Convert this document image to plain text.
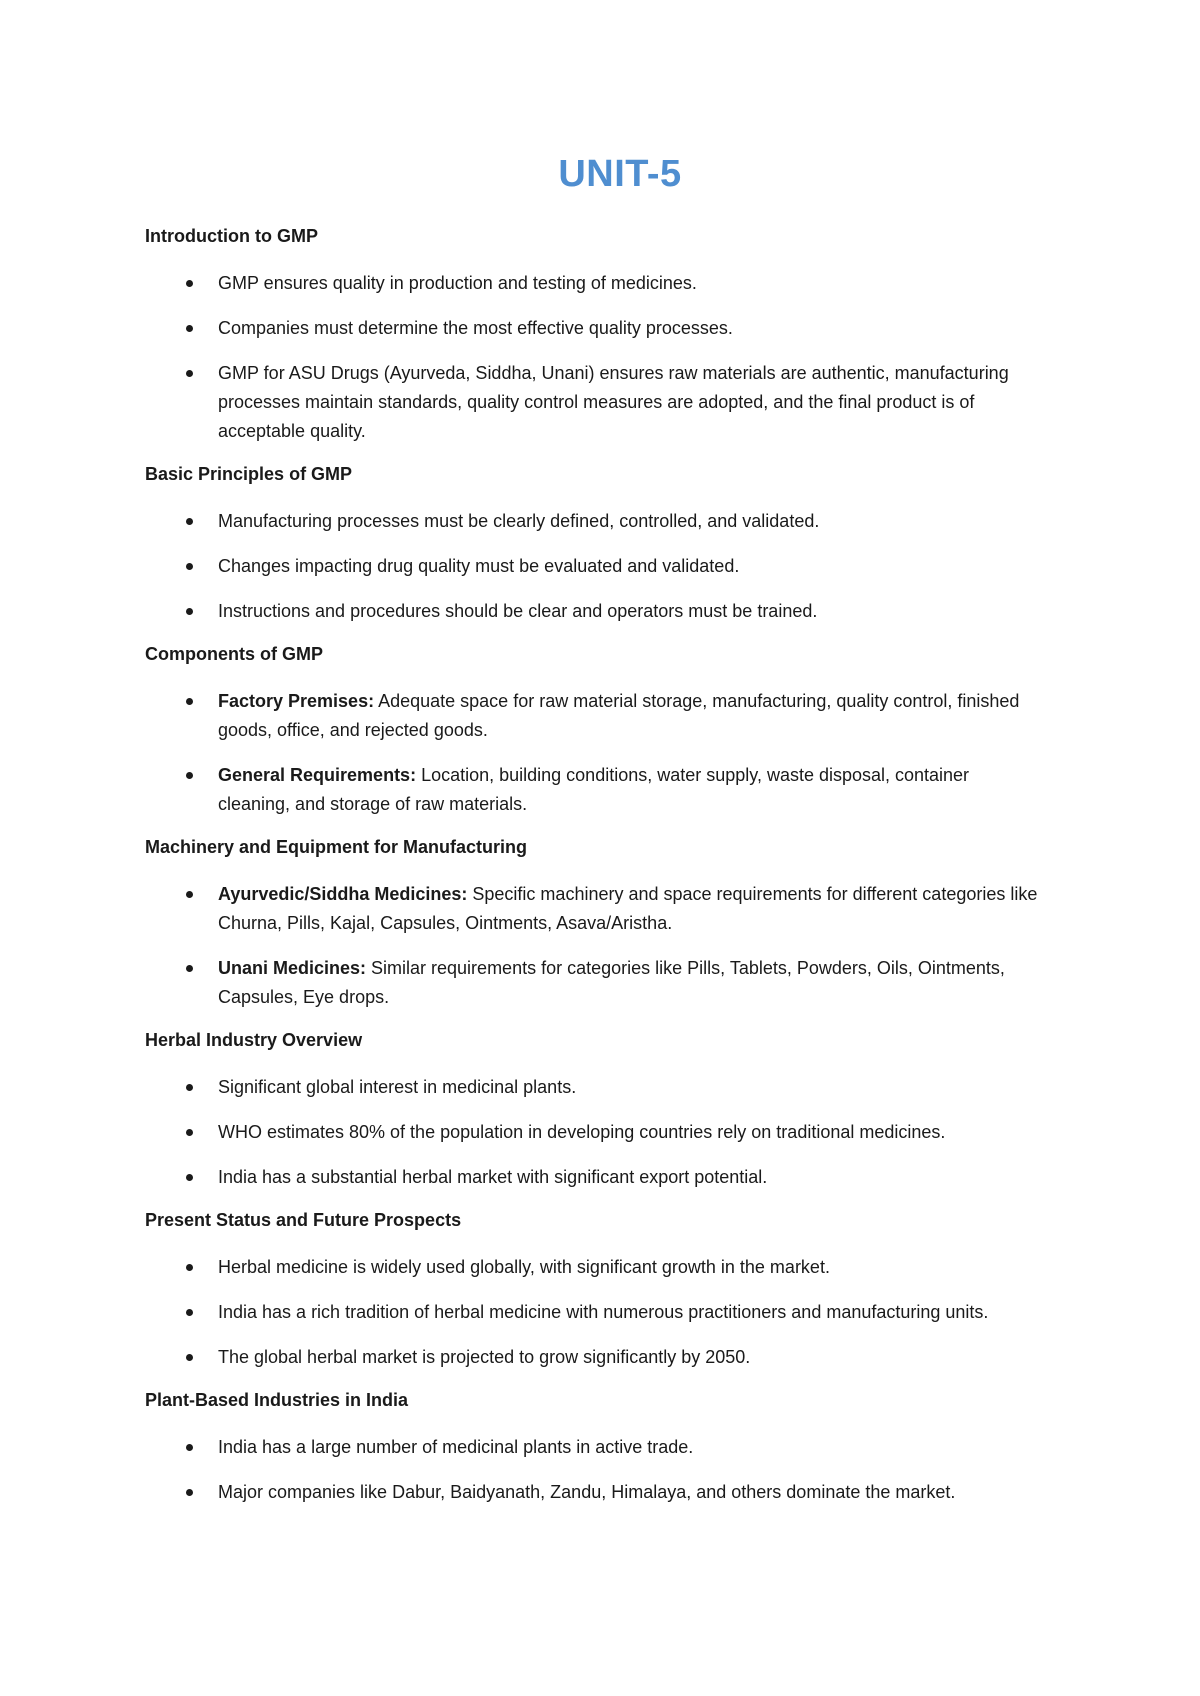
UNIT-5
Introduction to GMP
GMP ensures quality in production and testing of medicines.
Companies must determine the most effective quality processes.
GMP for ASU Drugs (Ayurveda, Siddha, Unani) ensures raw materials are authentic, manufacturing processes maintain standards, quality control measures are adopted, and the final product is of acceptable quality.
Basic Principles of GMP
Manufacturing processes must be clearly defined, controlled, and validated.
Changes impacting drug quality must be evaluated and validated.
Instructions and procedures should be clear and operators must be trained.
Components of GMP
Factory Premises: Adequate space for raw material storage, manufacturing, quality control, finished goods, office, and rejected goods.
General Requirements: Location, building conditions, water supply, waste disposal, container cleaning, and storage of raw materials.
Machinery and Equipment for Manufacturing
Ayurvedic/Siddha Medicines: Specific machinery and space requirements for different categories like Churna, Pills, Kajal, Capsules, Ointments, Asava/Aristha.
Unani Medicines: Similar requirements for categories like Pills, Tablets, Powders, Oils, Ointments, Capsules, Eye drops.
Herbal Industry Overview
Significant global interest in medicinal plants.
WHO estimates 80% of the population in developing countries rely on traditional medicines.
India has a substantial herbal market with significant export potential.
Present Status and Future Prospects
Herbal medicine is widely used globally, with significant growth in the market.
India has a rich tradition of herbal medicine with numerous practitioners and manufacturing units.
The global herbal market is projected to grow significantly by 2050.
Plant-Based Industries in India
India has a large number of medicinal plants in active trade.
Major companies like Dabur, Baidyanath, Zandu, Himalaya, and others dominate the market.
